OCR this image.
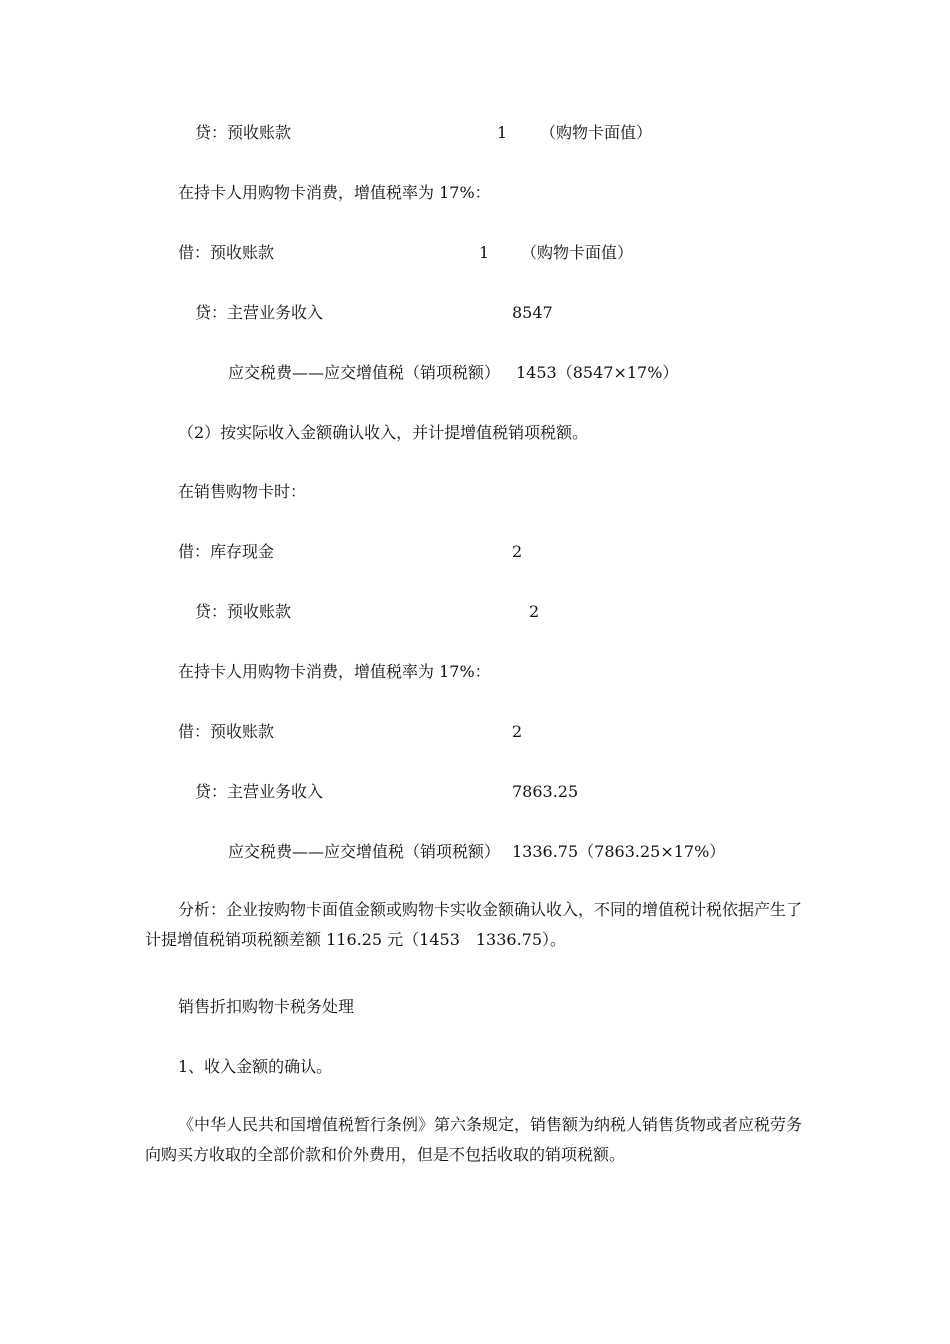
贷：预收账款	1 （购物卡面值）
在持卡人用购物卡消费，增值税率为 17%：
借：预收账款	1 （购物卡面值）
贷：主营业务收入	8547
应交税费——应交增值税（销项税额） 1453（8547×17%）
（2）按实际收入金额确认收入，并计提增值税销项税额。
在销售购物卡时：
借：库存现金	2
贷：预收账款	2
在持卡人用购物卡消费，增值税率为 17%：
借：预收账款	2
贷：主营业务收入	7863.25
应交税费——应交增值税（销项税额） 1336.75（7863.25×17%）
分析：企业按购物卡面值金额或购物卡实收金额确认收入，不同的增值税计税依据产生了计提增值税销项税额差额 116.25 元（1453　1336.75）。
销售折扣购物卡税务处理
1、收入金额的确认。
《中华人民共和国增值税暂行条例》第六条规定，销售额为纳税人销售货物或者应税劳务向购买方收取的全部价款和价外费用，但是不包括收取的销项税额。
